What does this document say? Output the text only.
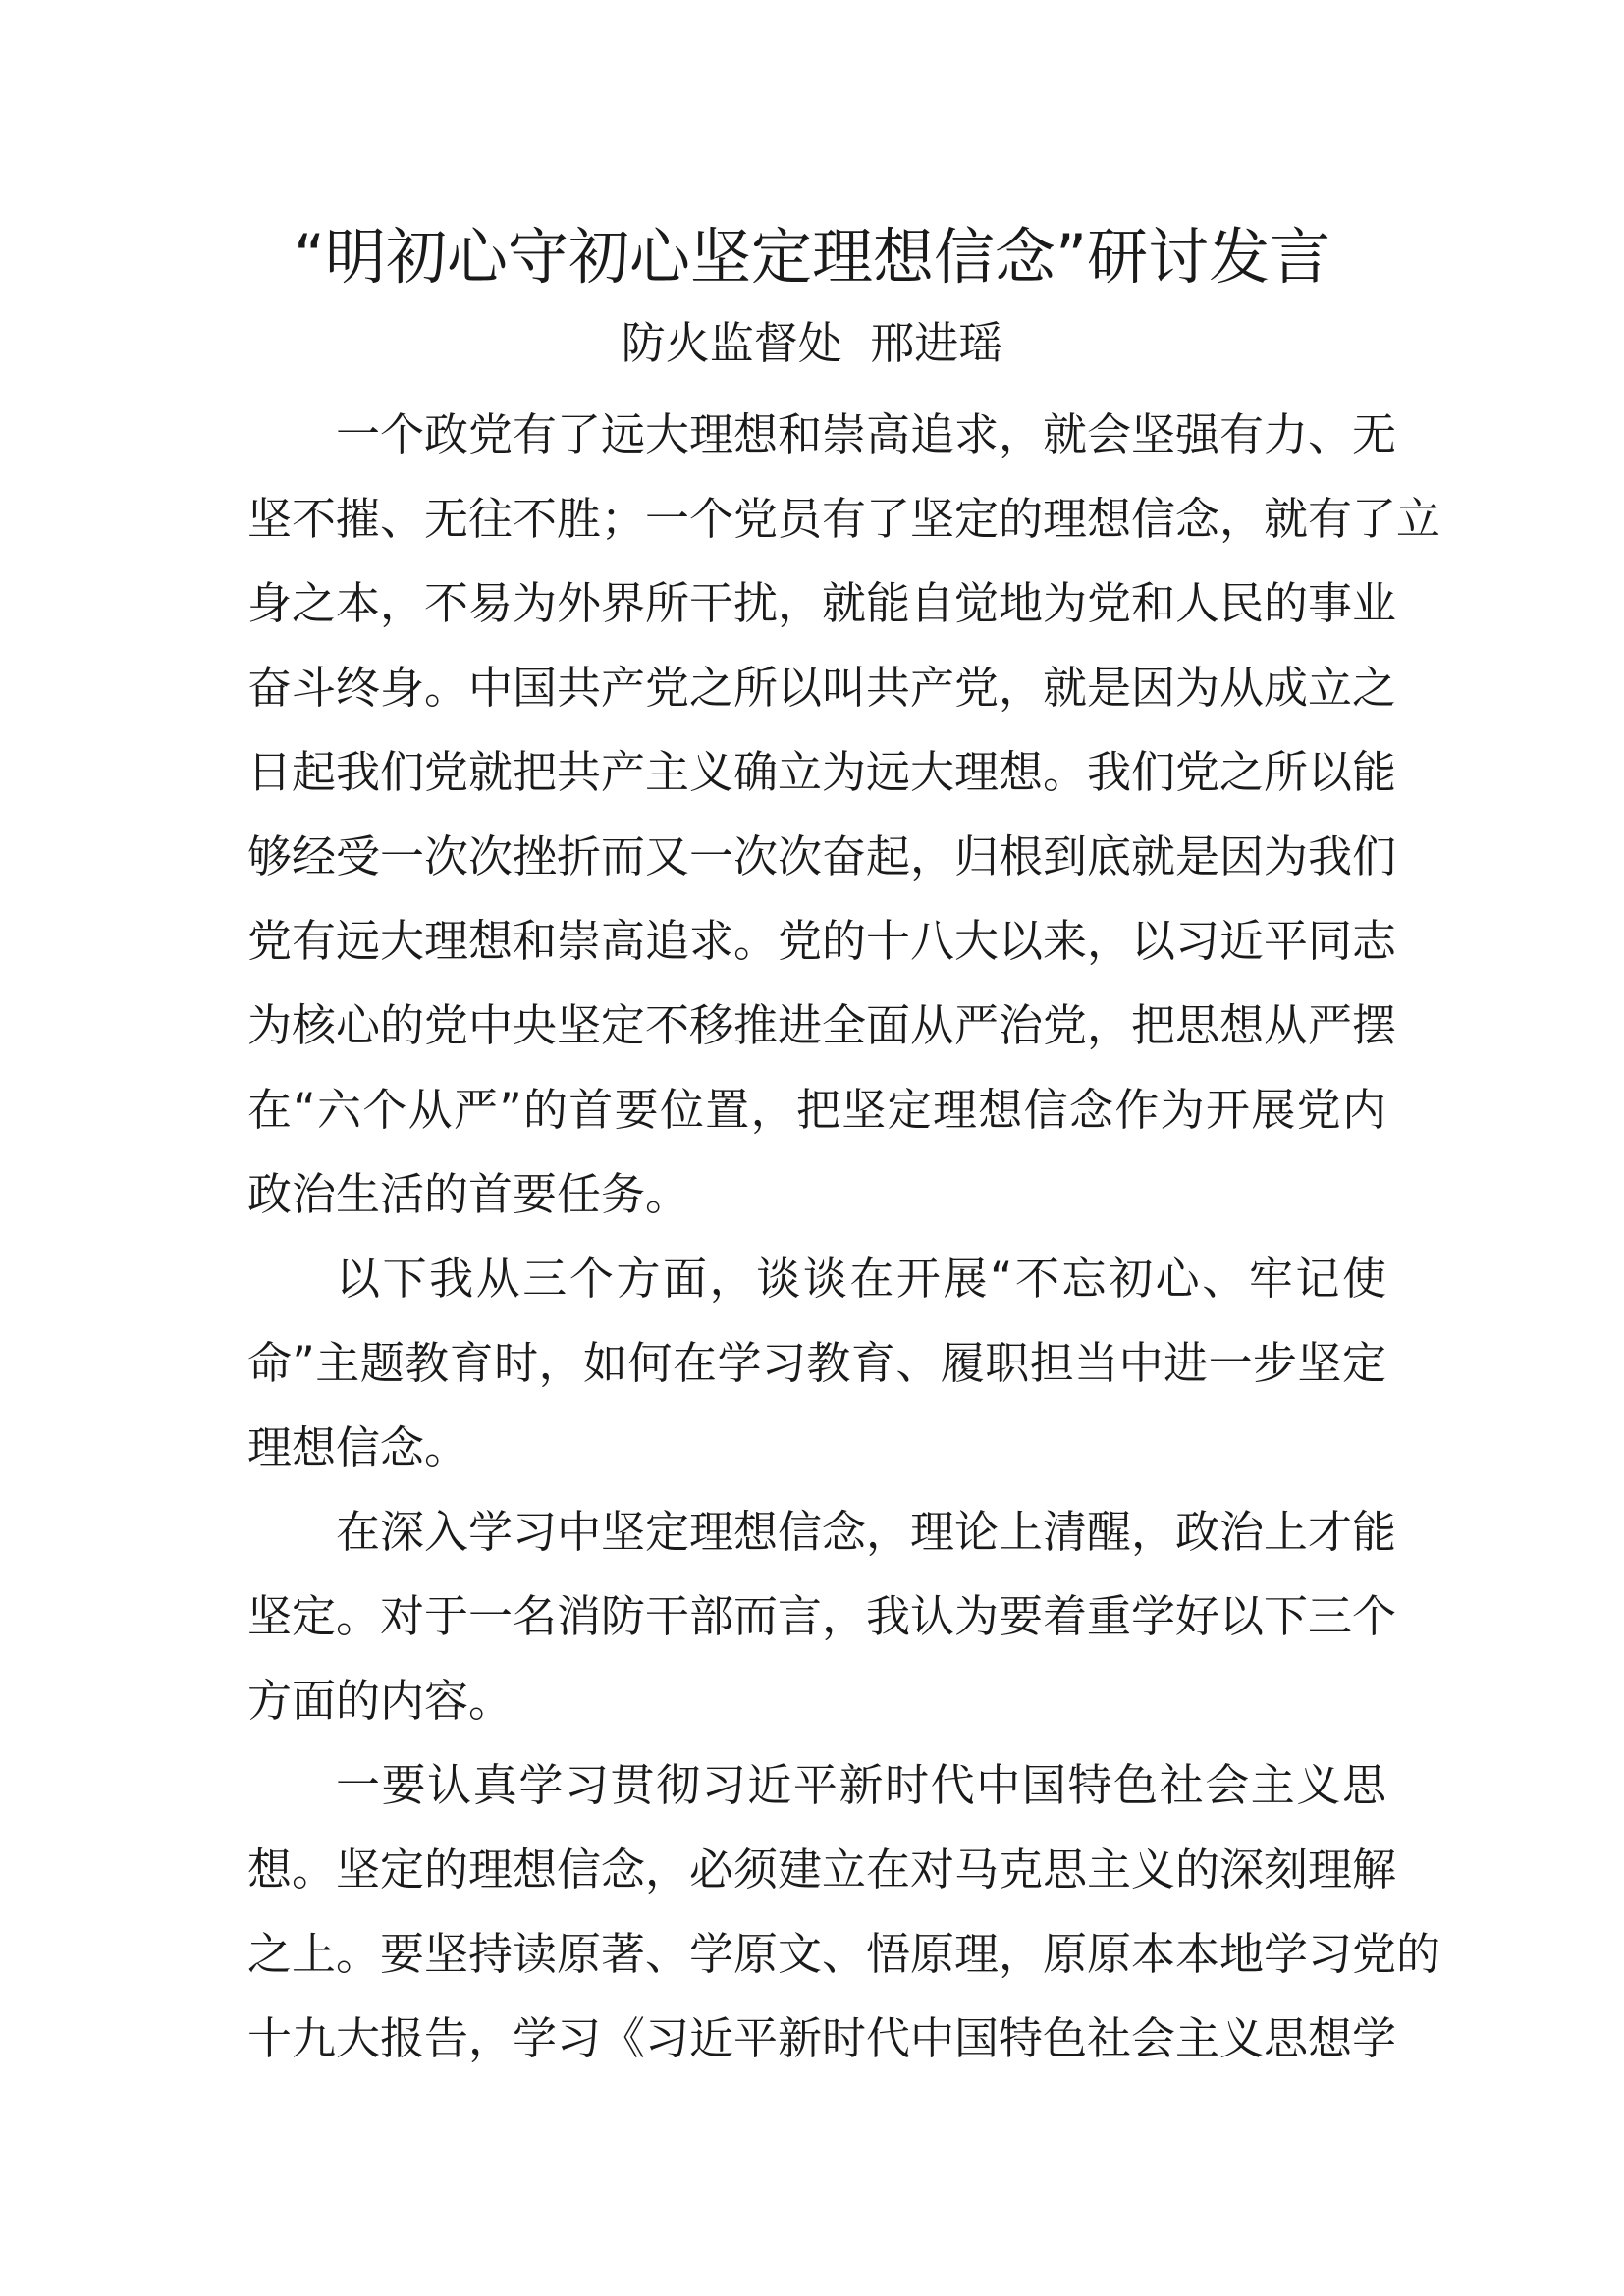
“明初心守初心坚定理想信念”研讨发言
防火监督处  邢进瑶
一个政党有了远大理想和崇高追求，就会坚强有力、无
坚不摧、无往不胜；一个党员有了坚定的理想信念，就有了立
身之本，不易为外界所干扰，就能自觉地为党和人民的事业
奋斗终身。中国共产党之所以叫共产党，就是因为从成立之
日起我们党就把共产主义确立为远大理想。我们党之所以能
够经受一次次挫折而又一次次奋起，归根到底就是因为我们
党有远大理想和崇高追求。党的十八大以来，以习近平同志
为核心的党中央坚定不移推进全面从严治党，把思想从严摆
在“六个从严”的首要位置，把坚定理想信念作为开展党内
政治生活的首要任务。
以下我从三个方面，谈谈在开展“不忘初心、牢记使
命”主题教育时，如何在学习教育、履职担当中进一步坚定
理想信念。
在深入学习中坚定理想信念，理论上清醒，政治上才能
坚定。对于一名消防干部而言，我认为要着重学好以下三个
方面的内容。
一要认真学习贯彻习近平新时代中国特色社会主义思
想。坚定的理想信念，必须建立在对马克思主义的深刻理解
之上。要坚持读原著、学原文、悟原理，原原本本地学习党的
十九大报告，学习《习近平新时代中国特色社会主义思想学
